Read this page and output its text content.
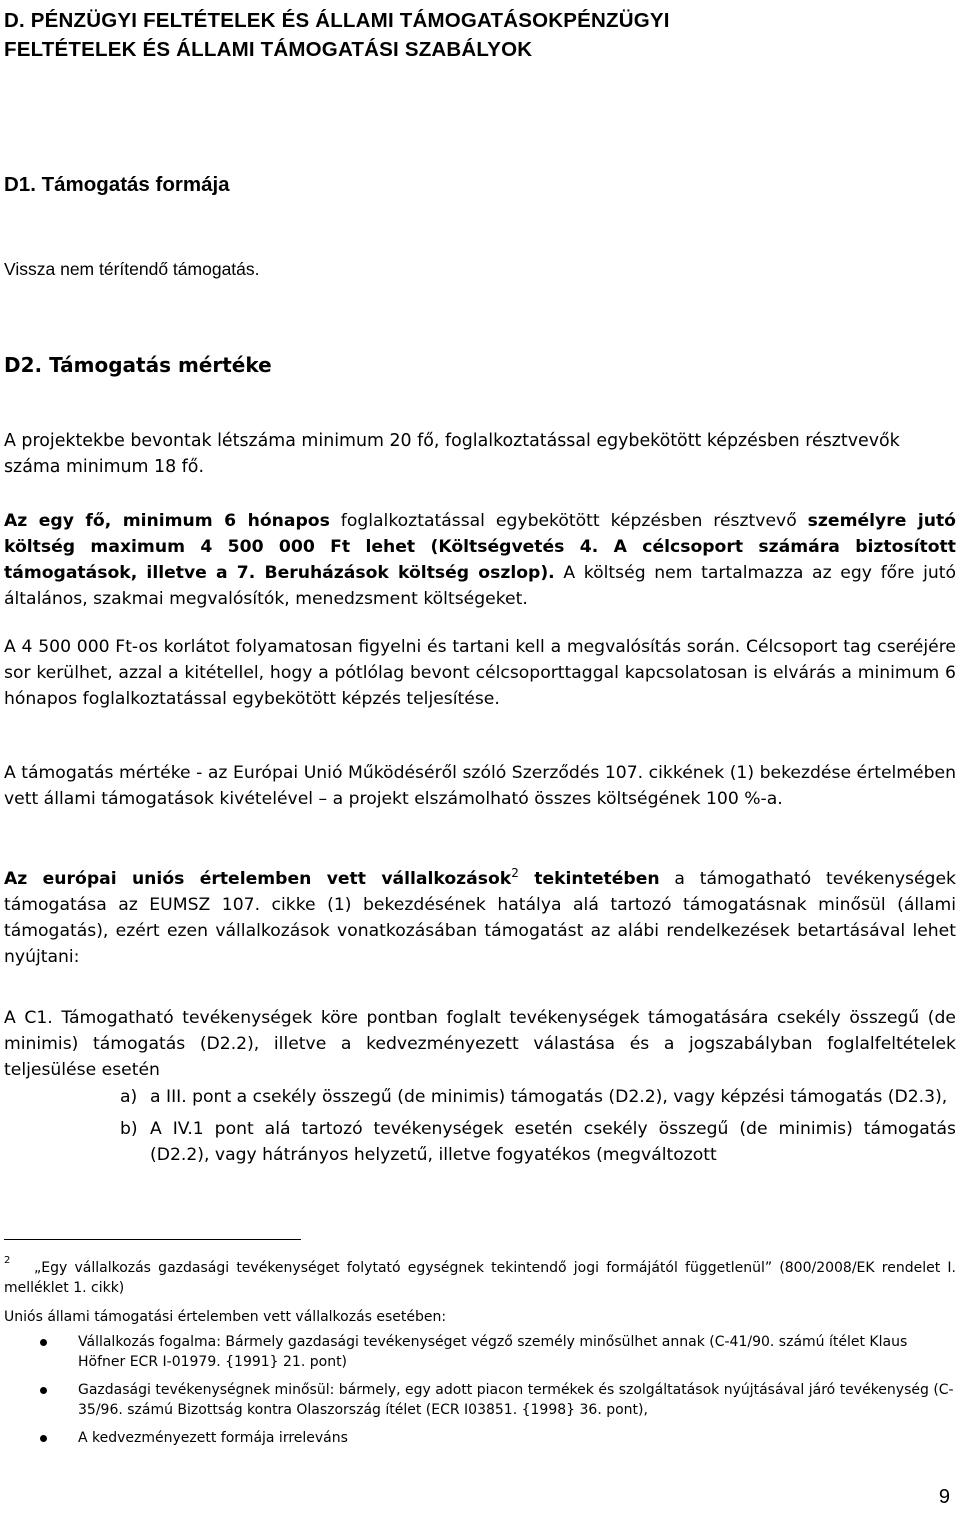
D. PÉNZÜGYI FELTÉTELEK ÉS ÁLLAMI TÁMOGATÁSOKPÉNZÜGYI
FELTÉTELEK ÉS ÁLLAMI TÁMOGATÁSI SZABÁLYOK
D1. Támogatás formája
Vissza nem térítendő támogatás.
D2. Támogatás mértéke
A projektekbe bevontak létszáma minimum 20 fő, foglalkoztatással egybekötött képzésben résztvevők száma minimum 18 fő.
Az egy fő, minimum 6 hónapos foglalkoztatással egybekötött képzésben résztvevő személyre jutó költség maximum 4 500 000 Ft lehet (Költségvetés 4. A célcsoport számára biztosított támogatások, illetve a 7. Beruházások költség oszlop). A költség nem tartalmazza az egy főre jutó általános, szakmai megvalósítók, menedzsment költségeket.
A 4 500 000 Ft-os korlátot folyamatosan figyelni és tartani kell a megvalósítás során. Célcsoport tag cseréjére sor kerülhet, azzal a kitétellel, hogy a pótlólag bevont célcsoporttaggal kapcsolatosan is elvárás a minimum 6 hónapos foglalkoztatással egybekötött képzés teljesítése.
A támogatás mértéke - az Európai Unió Működéséről szóló Szerződés 107. cikkének (1) bekezdése értelmében vett állami támogatások kivételével – a projekt elszámolható összes költségének 100 %-a.
Az európai uniós értelemben vett vállalkozások$^2$ tekintetében a támogatható tevékenységek támogatása az EUMSZ 107. cikke (1) bekezdésének hatálya alá tartozó támogatásnak minősül (állami támogatás), ezért ezen vállalkozások vonatkozásában támogatást az alábi rendelkezések betartásával lehet nyújtani:
A C1. Támogatható tevékenységek köre pontban foglalt tevékenységek támogatására csekély összegű (de minimis) támogatás (D2.2), illetve a kedvezményezett válastása és a jogszabályban foglalfeltételek teljesülése esetén
a) a III. pont a csekély összegű (de minimis) támogatás (D2.2), vagy képzési támogatás (D2.3),
b) A IV.1 pont alá tartozó tevékenységek esetén csekély összegű (de minimis) támogatás (D2.2), vagy hátrányos helyzetű, illetve fogyatékos (megváltozott
2	„Egy vállalkozás gazdasági tevékenységet folytató egységnek tekintendő jogi formájától függetlenül” (800/2008/EK rendelet I. melléklet 1. cikk)
Uniós állami támogatási értelemben vett vállalkozás esetében:
Vállalkozás fogalma: Bármely gazdasági tevékenységet végző személy minősülhet annak (C-41/90. számú ítélet Klaus Höfner ECR I-01979. {1991} 21. pont)
Gazdasági tevékenységnek minősül: bármely, egy adott piacon termékek és szolgáltatások nyújtásával járó tevékenység (C-35/96. számú Bizottság kontra Olaszország ítélet (ECR I03851. {1998} 36. pont),
A kedvezményezett formája irreleváns
9
